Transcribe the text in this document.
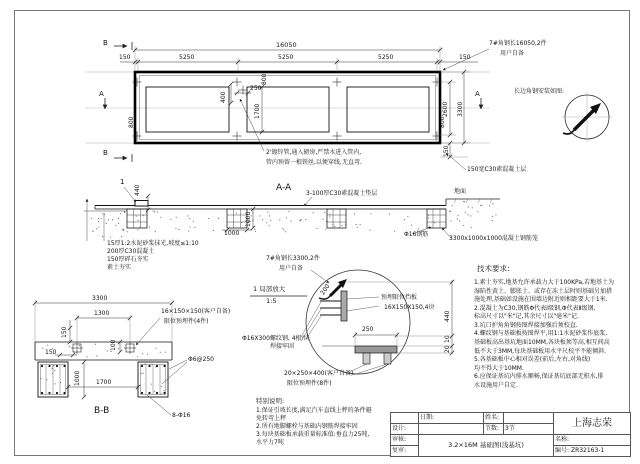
B
B
A	A
16050
150	5250	5250	5250	150
400
250
1700
800
800	800
2600 3300
150
7#角钢长16050,2件
用户自备
长边角钢安装如图:
150宽C30素混凝土层
2'镀锌管,通入磅房,严禁水进入管内,
管内预留一根铁丝,以便穿线,无直弯.
A-A
3-100厚C30素混凝土垫层
1
440	地面
Φ16钢筋
3300x1000x1000混凝土钢筋笼
1000
1000
15厚1:2水泥砂浆抹光,坡度≤1:10
200厚C30混凝土
150厚碎石夯实
素土夯实
3300
1300
150
150
100
1000	1700
16×150×150(客户自备)
限位预埋件(4件)
Φ6@250
8-Φ16
B-B
7#角钢长3300,2件
用户自备
1 局部放大
1:5	预埋限位挡板
16X150X150,4块
200
250
Φ16X300螺纹钢, 4根/块
焊接牢固
20×250×400(客户自备)
限位预埋件(8件)
440
10
20
特别说明:
1.保证引坡长度,满足汽车直线上秤的条件避
免转弯上秤
2.所有地脚螺栓与基础内钢筋焊接牢固
3.每块基础板承载重量标准值:垂直力25吨,
水平力7吨
技术要求:
1.素土夯实,地基允许承载力大于100KPa,若地基土为
湿陷性黄土、膨胀土、或存在冻土层时则基础另加措
施处理,基础如设施在围墙边附近则相距要大于1米.
2.混凝土为C30,钢筋Φ代表Ⅰ级钢,Φ代表Ⅱ级钢,
标高尺寸以"米"记,其余尺寸以"毫米"记.
3.坑口护角角钢按图焊接加强后须校直.
4.螺纹钢与基础板按图焊平,用1:1水泥砂浆作底浆,
基础板高出基坑地面10MM,各块板须等高,相互间高
低不大于3MM,每块基础板用水平尺校平不能倾斜.
5.各基础板中心相对误差(前后,左右,对角线)
均不得大于10MM.
6.应保证基坑内排水顺畅,保证基坑底部无积水,排
水设施用户自定.
	日期:	姓名:		上海志荣
设计:		节数:	3节	
审核:	3.2×16M 基础图(浅基坑)			名称:
复审:				编号: ZR32163-1
